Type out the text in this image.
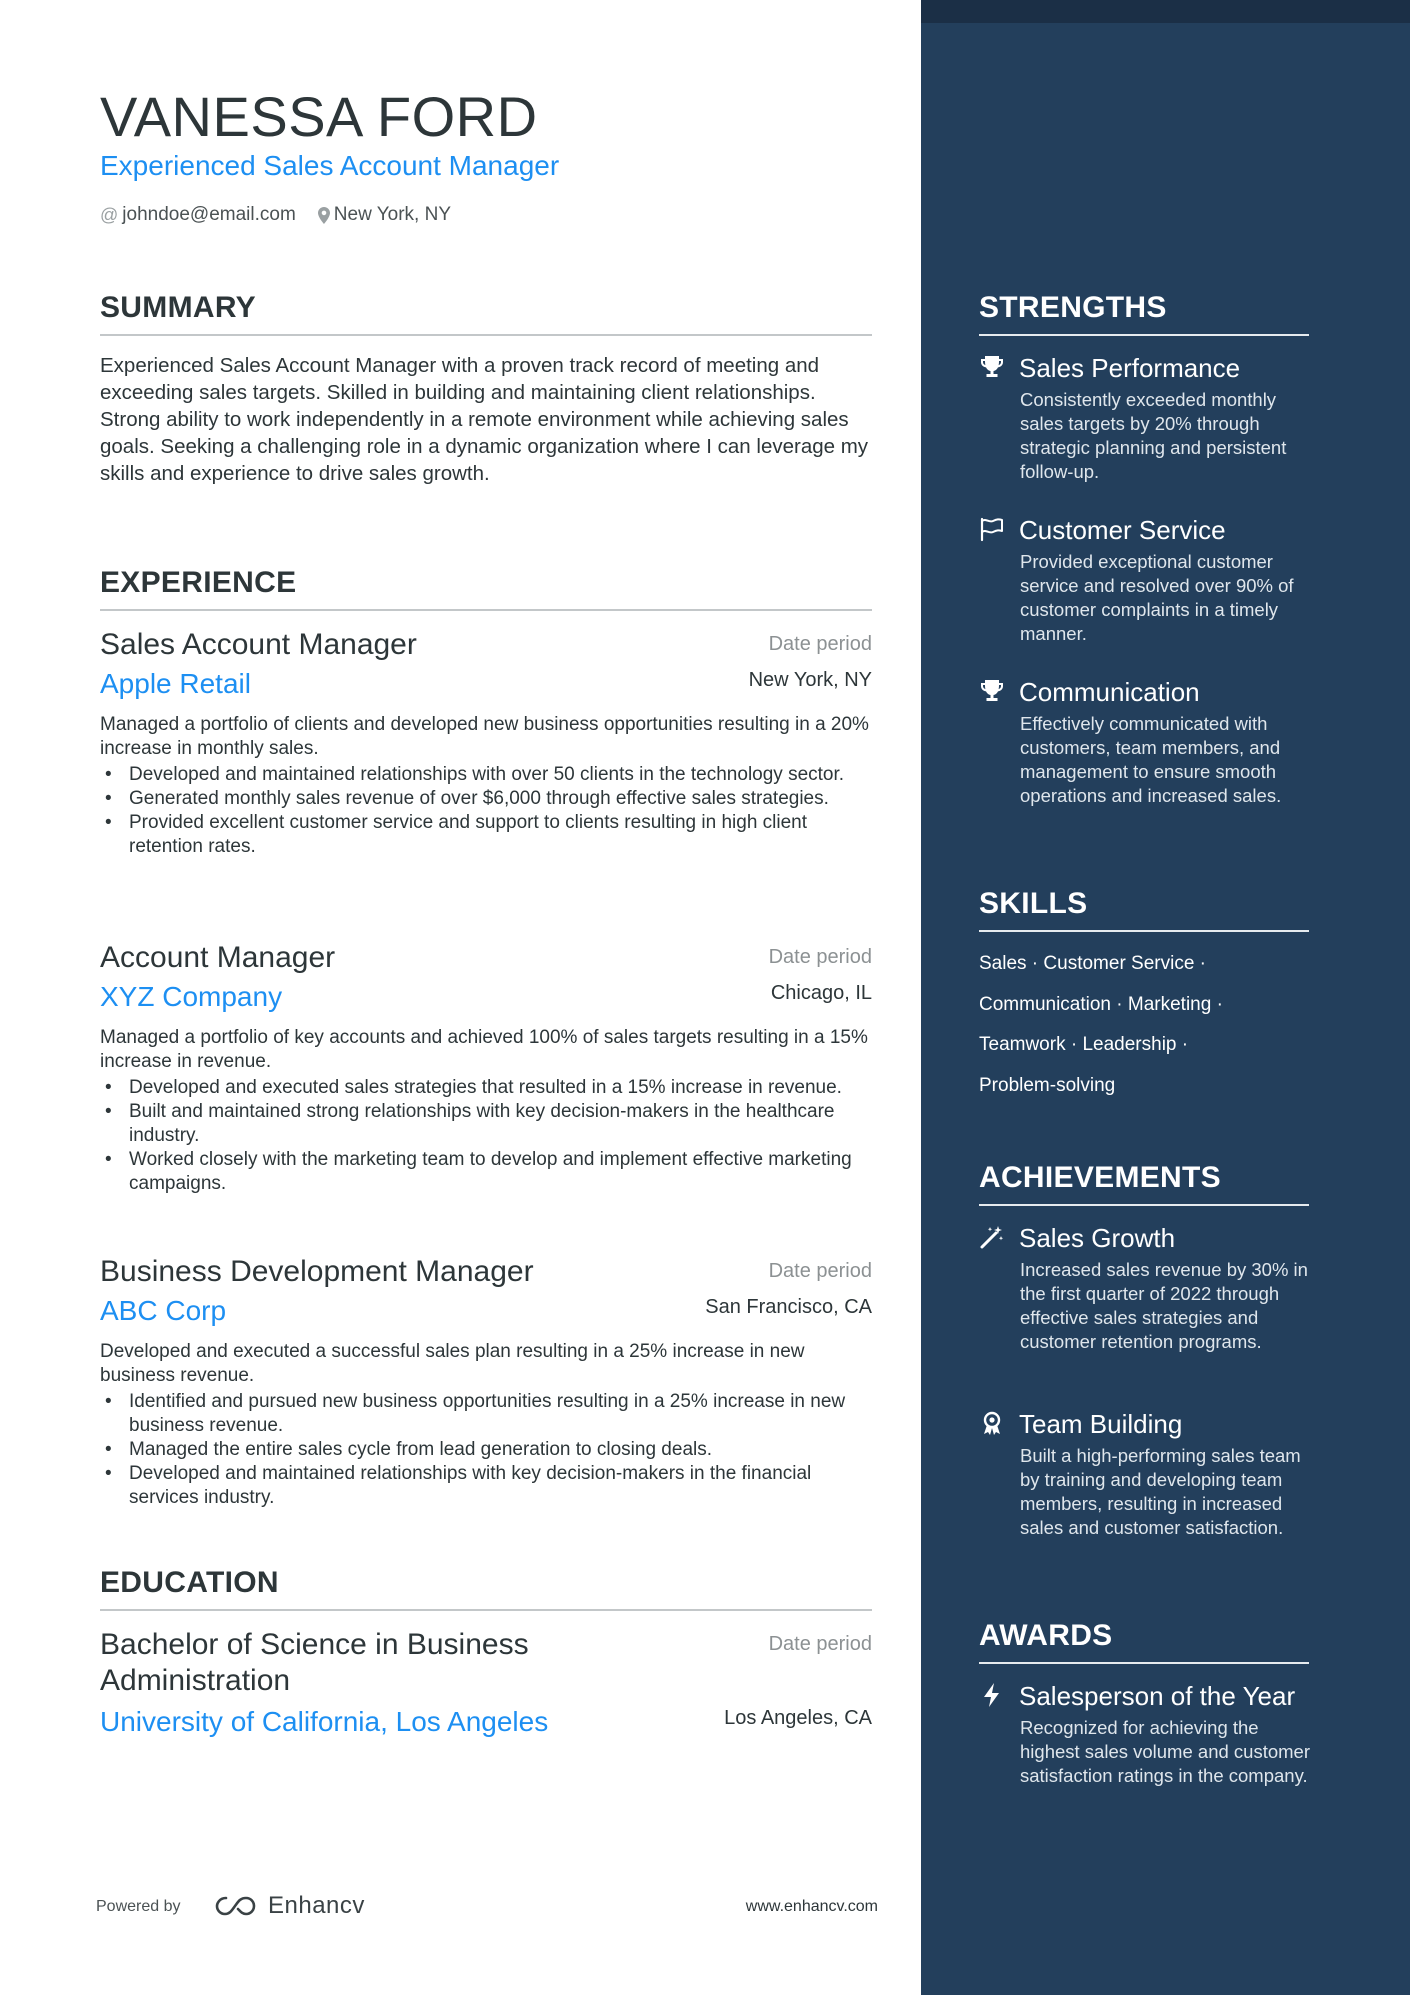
VANESSA FORD
Experienced Sales Account Manager
@ johndoe@email.com New York, NY
SUMMARY

Experienced Sales Account Manager with a proven track record of meeting and exceeding sales targets. Skilled in building and maintaining client relationships. Strong ability to work independently in a remote environment while achieving sales goals. Seeking a challenging role in a dynamic organization where I can leverage my skills and experience to drive sales growth.

EXPERIENCE
Sales Account Manager	Date period
Apple Retail	New York, NY

Managed a portfolio of clients and developed new business opportunities resulting in a 20% increase in monthly sales.

• Developed and maintained relationships with over 50 clients in the technology sector.
• Generated monthly sales revenue of over $6,000 through effective sales strategies.
• Provided excellent customer service and support to clients resulting in high client retention rates.
Account Manager	Date period
XYZ Company	Chicago, IL

Managed a portfolio of key accounts and achieved 100% of sales targets resulting in a 15% increase in revenue.

• Developed and executed sales strategies that resulted in a 15% increase in revenue.
• Built and maintained strong relationships with key decision-makers in the healthcare industry.
• Worked closely with the marketing team to develop and implement effective marketing campaigns.
Business Development Manager	Date period
ABC Corp	San Francisco, CA

Developed and executed a successful sales plan resulting in a 25% increase in new business revenue.

• Identified and pursued new business opportunities resulting in a 25% increase in new business revenue.
• Managed the entire sales cycle from lead generation to closing deals.
• Developed and maintained relationships with key decision-makers in the financial services industry.
EDUCATION
Bachelor of Science in Business Administration
Date period
University of California, Los Angeles	Los Angeles, CA
Powered by	Enhancv	www.enhancv.com
STRENGTHS
Sales Performance

Consistently exceeded monthly sales targets by 20% through strategic planning and persistent follow-up.

Customer Service

Provided exceptional customer service and resolved over 90% of customer complaints in a timely manner.

Communication

Effectively communicated with customers, team members, and management to ensure smooth operations and increased sales.

SKILLS
Sales · Customer Service ·
Communication · Marketing ·
Teamwork · Leadership ·
Problem-solving
ACHIEVEMENTS
Sales Growth

Increased sales revenue by 30% in the first quarter of 2022 through effective sales strategies and customer retention programs.

Team Building

Built a high-performing sales team by training and developing team members, resulting in increased sales and customer satisfaction.

AWARDS
Salesperson of the Year

Recognized for achieving the highest sales volume and customer satisfaction ratings in the company.
